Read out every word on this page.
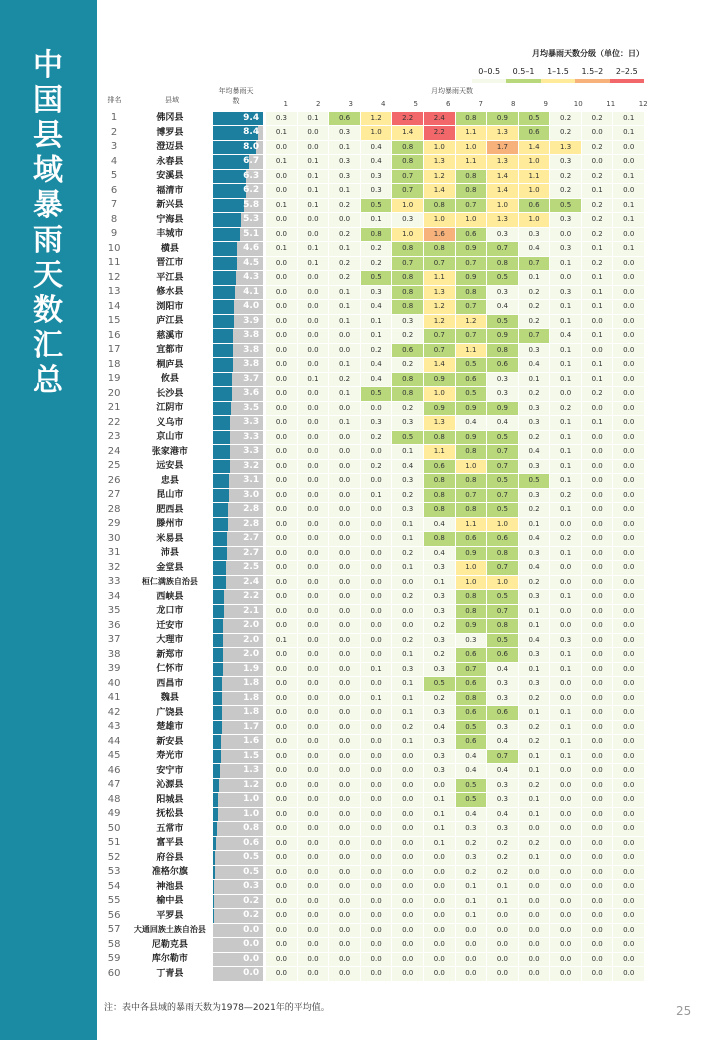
中国县域暴雨天数汇总
月均暴雨天数分级（单位：日）
0–0.5	0.5–1	1–1.5	1.5–2	2–2.5
排名	县域
年均暴雨天数
月均暴雨天数
1	2	3	4	5	6	7	8	9	10	11	12
1	佛冈县	9.4	0.3	0.1	0.6	1.2	2.2	2.4	0.8	0.9	0.5	0.2	0.2	0.1
2	博罗县	8.4	0.1	0.0	0.3	1.0	1.4	2.2	1.1	1.3	0.6	0.2	0.0	0.1
3	澄迈县	8.0	0.0	0.0	0.1	0.4	0.8	1.0	1.0	1.7	1.4	1.3	0.2	0.0
4	永春县	6.7	0.1	0.1	0.3	0.4	0.8	1.3	1.1	1.3	1.0	0.3	0.0	0.0
5	安溪县	6.3	0.0	0.1	0.3	0.3	0.7	1.2	0.8	1.4	1.1	0.2	0.2	0.1
6	福清市	6.2	0.0	0.1	0.1	0.3	0.7	1.4	0.8	1.4	1.0	0.2	0.1	0.0
7	新兴县	5.8	0.1	0.1	0.2	0.5	1.0	0.8	0.7	1.0	0.6	0.5	0.2	0.1
8	宁海县	5.3	0.0	0.0	0.0	0.1	0.3	1.0	1.0	1.3	1.0	0.3	0.2	0.1
9	丰城市	5.1	0.0	0.0	0.2	0.8	1.0	1.6	0.6	0.3	0.3	0.0	0.2	0.0
10	横县	4.6	0.1	0.1	0.1	0.2	0.8	0.8	0.9	0.7	0.4	0.3	0.1	0.1
11	晋江市	4.5	0.0	0.1	0.2	0.2	0.7	0.7	0.7	0.8	0.7	0.1	0.2	0.0
12	平江县	4.3	0.0	0.0	0.2	0.5	0.8	1.1	0.9	0.5	0.1	0.0	0.1	0.0
13	修水县	4.1	0.0	0.0	0.1	0.3	0.8	1.3	0.8	0.3	0.2	0.3	0.1	0.0
14	浏阳市	4.0	0.0	0.0	0.1	0.4	0.8	1.2	0.7	0.4	0.2	0.1	0.1	0.0
15	庐江县	3.9	0.0	0.0	0.1	0.1	0.3	1.2	1.2	0.5	0.2	0.1	0.0	0.0
16	慈溪市	3.8	0.0	0.0	0.0	0.1	0.2	0.7	0.7	0.9	0.7	0.4	0.1	0.0
17	宜都市	3.8	0.0	0.0	0.0	0.2	0.6	0.7	1.1	0.8	0.3	0.1	0.0	0.0
18	桐庐县	3.8	0.0	0.0	0.1	0.4	0.2	1.4	0.5	0.6	0.4	0.1	0.1	0.0
19	攸县	3.7	0.0	0.1	0.2	0.4	0.8	0.9	0.6	0.3	0.1	0.1	0.1	0.0
20	长沙县	3.6	0.0	0.0	0.1	0.5	0.8	1.0	0.5	0.3	0.2	0.0	0.2	0.0
21	江阴市	3.5	0.0	0.0	0.0	0.0	0.2	0.9	0.9	0.9	0.3	0.2	0.0	0.0
22	义乌市	3.3	0.0	0.0	0.1	0.3	0.3	1.3	0.4	0.4	0.3	0.1	0.1	0.0
23	京山市	3.3	0.0	0.0	0.0	0.2	0.5	0.8	0.9	0.5	0.2	0.1	0.0	0.0
24	张家港市	3.3	0.0	0.0	0.0	0.0	0.1	1.1	0.8	0.7	0.4	0.1	0.0	0.0
25	远安县	3.2	0.0	0.0	0.0	0.2	0.4	0.6	1.0	0.7	0.3	0.1	0.0	0.0
26	忠县	3.1	0.0	0.0	0.0	0.0	0.3	0.8	0.8	0.5	0.5	0.1	0.0	0.0
27	昆山市	3.0	0.0	0.0	0.0	0.1	0.2	0.8	0.7	0.7	0.3	0.2	0.0	0.0
28	肥西县	2.8	0.0	0.0	0.0	0.0	0.3	0.8	0.8	0.5	0.2	0.1	0.0	0.0
29	滕州市	2.8	0.0	0.0	0.0	0.0	0.1	0.4	1.1	1.0	0.1	0.0	0.0	0.0
30	米易县	2.7	0.0	0.0	0.0	0.0	0.1	0.8	0.6	0.6	0.4	0.2	0.0	0.0
31	沛县	2.7	0.0	0.0	0.0	0.0	0.2	0.4	0.9	0.8	0.3	0.1	0.0	0.0
32	金堂县	2.5	0.0	0.0	0.0	0.0	0.1	0.3	1.0	0.7	0.4	0.0	0.0	0.0
33	桓仁满族自治县	2.4	0.0	0.0	0.0	0.0	0.0	0.1	1.0	1.0	0.2	0.0	0.0	0.0
34	西峡县	2.2	0.0	0.0	0.0	0.0	0.2	0.3	0.8	0.5	0.3	0.1	0.0	0.0
35	龙口市	2.1	0.0	0.0	0.0	0.0	0.0	0.3	0.8	0.7	0.1	0.0	0.0	0.0
36	迁安市	2.0	0.0	0.0	0.0	0.0	0.0	0.2	0.9	0.8	0.1	0.0	0.0	0.0
37	大理市	2.0	0.1	0.0	0.0	0.0	0.2	0.3	0.3	0.5	0.4	0.3	0.0	0.0
38	新郑市	2.0	0.0	0.0	0.0	0.0	0.1	0.2	0.6	0.6	0.3	0.1	0.0	0.0
39	仁怀市	1.9	0.0	0.0	0.0	0.1	0.3	0.3	0.7	0.4	0.1	0.1	0.0	0.0
40	西昌市	1.8	0.0	0.0	0.0	0.0	0.1	0.5	0.6	0.3	0.3	0.0	0.0	0.0
41	魏县	1.8	0.0	0.0	0.0	0.1	0.1	0.2	0.8	0.3	0.2	0.0	0.0	0.0
42	广饶县	1.8	0.0	0.0	0.0	0.0	0.1	0.3	0.6	0.6	0.1	0.1	0.0	0.0
43	楚雄市	1.7	0.0	0.0	0.0	0.0	0.2	0.4	0.5	0.3	0.2	0.1	0.0	0.0
44	新安县	1.6	0.0	0.0	0.0	0.0	0.1	0.3	0.6	0.4	0.2	0.1	0.0	0.0
45	寿光市	1.5	0.0	0.0	0.0	0.0	0.0	0.3	0.4	0.7	0.1	0.1	0.0	0.0
46	安宁市	1.3	0.0	0.0	0.0	0.0	0.0	0.3	0.4	0.4	0.1	0.0	0.0	0.0
47	沁源县	1.2	0.0	0.0	0.0	0.0	0.0	0.0	0.5	0.3	0.2	0.0	0.0	0.0
48	阳城县	1.0	0.0	0.0	0.0	0.0	0.0	0.1	0.5	0.3	0.1	0.0	0.0	0.0
49	抚松县	1.0	0.0	0.0	0.0	0.0	0.0	0.1	0.4	0.4	0.1	0.0	0.0	0.0
50	五常市	0.8	0.0	0.0	0.0	0.0	0.0	0.1	0.3	0.3	0.0	0.0	0.0	0.0
51	富平县	0.6	0.0	0.0	0.0	0.0	0.0	0.1	0.2	0.2	0.2	0.0	0.0	0.0
52	府谷县	0.5	0.0	0.0	0.0	0.0	0.0	0.0	0.3	0.2	0.1	0.0	0.0	0.0
53	准格尔旗	0.5	0.0	0.0	0.0	0.0	0.0	0.0	0.2	0.2	0.0	0.0	0.0	0.0
54	神池县	0.3	0.0	0.0	0.0	0.0	0.0	0.0	0.1	0.1	0.0	0.0	0.0	0.0
55	榆中县	0.2	0.0	0.0	0.0	0.0	0.0	0.0	0.1	0.1	0.0	0.0	0.0	0.0
56	平罗县	0.2	0.0	0.0	0.0	0.0	0.0	0.0	0.1	0.0	0.0	0.0	0.0	0.0
57	大通回族土族自治县	0.0	0.0	0.0	0.0	0.0	0.0	0.0	0.0	0.0	0.0	0.0	0.0	0.0
58	尼勒克县	0.0	0.0	0.0	0.0	0.0	0.0	0.0	0.0	0.0	0.0	0.0	0.0	0.0
59	库尔勒市	0.0	0.0	0.0	0.0	0.0	0.0	0.0	0.0	0.0	0.0	0.0	0.0	0.0
60	丁青县	0.0	0.0	0.0	0.0	0.0	0.0	0.0	0.0	0.0	0.0	0.0	0.0	0.0
注：表中各县域的暴雨天数为1978—2021年的平均值。	25
